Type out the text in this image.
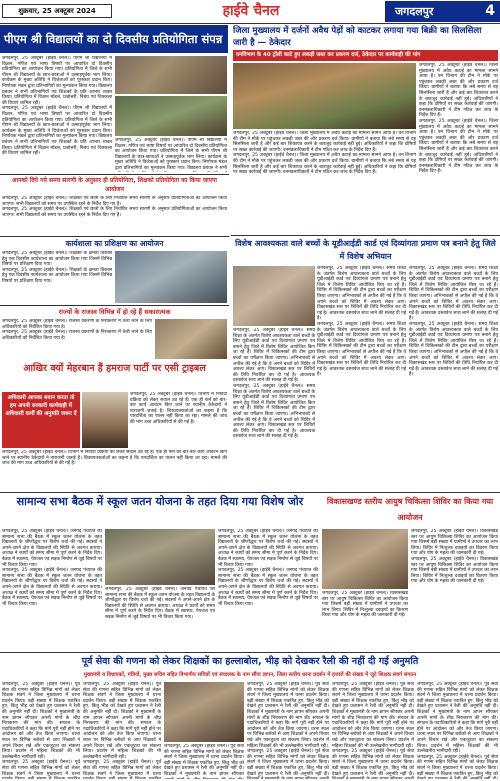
शुक्रवार, 25 अक्टूबर 2024	हाईवे चैनल	जगदलपुर	4
पीएम श्री विद्यालयों का दो दिवसीय प्रतियोगिता संपन्न
जगदलपुर, 25 अक्टूबर (हाईवे चैनल)। पीएम श्री विद्यालयों में विज्ञान, गणित एवं भाषा विषयों पर आधारित दो दिवसीय प्रतियोगिता का आयोजन किया गया। प्रतियोगिता में जिले के सभी पीएम श्री विद्यालयों के छात्र-छात्राओं ने उत्साहपूर्वक भाग लिया। कार्यक्रम के मुख्य अतिथि ने विजेताओं को पुरस्कार प्रदान किए। निर्णायक मंडल द्वारा प्रतिभागियों का मूल्यांकन किया गया। विद्यालय प्रबंधन ने सभी प्रतिभागियों एवं शिक्षकों के प्रति आभार व्यक्त किया। प्रतियोगिता में विज्ञान मॉडल, प्रश्नोत्तरी, निबंध एवं चित्रकला की विधाएं शामिल रहीं।
जगदलपुर, 25 अक्टूबर (हाईवे चैनल)। पीएम श्री विद्यालयों में विज्ञान, गणित एवं भाषा विषयों पर आधारित दो दिवसीय प्रतियोगिता का आयोजन किया गया। प्रतियोगिता में जिले के सभी पीएम श्री विद्यालयों के छात्र-छात्राओं ने उत्साहपूर्वक भाग लिया। कार्यक्रम के मुख्य अतिथि ने विजेताओं को पुरस्कार प्रदान किए। निर्णायक मंडल द्वारा प्रतिभागियों का मूल्यांकन किया गया। विद्यालय प्रबंधन ने सभी प्रतिभागियों एवं शिक्षकों के प्रति आभार व्यक्त किया। प्रतियोगिता में विज्ञान मॉडल, प्रश्नोत्तरी, निबंध एवं चित्रकला की विधाएं शामिल रहीं।
जगदलपुर, 25 अक्टूबर (हाईवे चैनल)। पीएम श्री विद्यालयों में विज्ञान, गणित एवं भाषा विषयों पर आधारित दो दिवसीय प्रतियोगिता का आयोजन किया गया। प्रतियोगिता में जिले के सभी पीएम श्री विद्यालयों के छात्र-छात्राओं ने उत्साहपूर्वक भाग लिया। कार्यक्रम के मुख्य अतिथि ने विजेताओं को पुरस्कार प्रदान किए। निर्णायक मंडल द्वारा प्रतिभागियों का मूल्यांकन किया गया। विद्यालय प्रबंधन ने सभी
आपको दिये गये समय सारणी के अनुसार ही प्रतियोगिता, शिक्षको प्रतियोगिता का किया जाएगा आयोजन
जगदलपुर, 25 अक्टूबर (हाईवे चैनल)। शिक्षकों एवं छात्रों के लिए निर्धारित समय सारणी के अनुसार प्रतियोगिताओं का आयोजन किया जाएगा। सभी विद्यालयों को समय पर उपस्थित रहने के निर्देश दिए गए हैं।
जगदलपुर, 25 अक्टूबर (हाईवे चैनल)। शिक्षकों एवं छात्रों के लिए निर्धारित समय सारणी के अनुसार प्रतियोगिताओं का आयोजन किया जाएगा। सभी विद्यालयों को समय पर उपस्थित रहने के निर्देश दिए गए हैं।
कार्यशाला का प्रशिक्षण का आयोजन
जगदलपुर, 25 अक्टूबर (हाईवे चैनल)। शिक्षकों के क्षमता विकास हेतु एक दिवसीय कार्यशाला का आयोजन किया गया जिसमें विभिन्न विषयों पर प्रशिक्षण दिया गया।
जगदलपुर, 25 अक्टूबर (हाईवे चैनल)। शिक्षकों के क्षमता विकास हेतु एक दिवसीय कार्यशाला का आयोजन किया गया जिसमें विभिन्न विषयों पर प्रशिक्षण दिया गया।
राज्यों के राजस्व विभिन्न में हो रहे हैं सकारात्मक
जगदलपुर, 25 अक्टूबर (हाईवे चैनल)। राजस्व प्रकरणों के निराकरण में तेजी लाने के लिए अधिकारियों को निर्देशित किया गया है।
जगदलपुर, 25 अक्टूबर (हाईवे चैनल)। राजस्व प्रकरणों के निराकरण में तेजी लाने के लिए अधिकारियों को निर्देशित किया गया है।
जिला मुख्यालय में दर्जनों अवैध पेड़ों को काटकर लगाया गया बिक्री का सिलसिला जारी है — ठेकेदार
वनविभाग के 40 ट्रॉली काटे हुए लकड़ी जब्त कर प्रकरण दर्ज, ठेकेदार पर कार्यवाही की मांग
जगदलपुर, 25 अक्टूबर (हाईवे चैनल)। जिला मुख्यालय में अवैध कटाई का मामला सामने आया है। वन विभाग की टीम ने मौके पर पहुंचकर लकड़ी जब्त की और प्रकरण दर्ज किया। ग्रामीणों ने बताया कि लंबे समय से यह सिलसिला जारी है और कई बार शिकायत करने के बावजूद कार्रवाई नहीं हुई। अधिकारियों ने कहा कि दोषियों पर सख्त कार्रवाई की जाएगी। वनमंडलाधिकारी ने टीम गठित कर जांच के निर्देश दिए हैं।
जगदलपुर, 25 अक्टूबर (हाईवे चैनल)। जिला मुख्यालय में अवैध कटाई का मामला सामने आया है। वन विभाग की टीम ने मौके पर पहुंचकर लकड़ी जब्त की और प्रकरण दर्ज किया। ग्रामीणों ने बताया कि लंबे समय से यह सिलसिला जारी है और कई बार शिकायत करने के बावजूद कार्रवाई नहीं हुई। अधिकारियों ने कहा कि दोषियों पर सख्त कार्रवाई की जाएगी। वनमंडलाधिकारी ने टीम गठित कर जांच के निर्देश दिए हैं।
जगदलपुर, 25 अक्टूबर (हाईवे चैनल)। जिला मुख्यालय में अवैध कटाई का मामला सामने आया है। वन विभाग की टीम ने मौके पर पहुंचकर लकड़ी जब्त की और प्रकरण दर्ज किया। ग्रामीणों ने बताया कि लंबे समय से यह सिलसिला जारी है और कई बार शिकायत करने के बावजूद कार्रवाई नहीं हुई। अधिकारियों ने कहा कि दोषियों पर सख्त कार्रवाई की जाएगी। वनमंडलाधिकारी ने टीम गठित कर जांच के निर्देश दिए हैं।
जगदलपुर, 25 अक्टूबर (हाईवे चैनल)। जिला मुख्यालय में अवैध कटाई का मामला सामने आया है। वन विभाग की टीम ने मौके पर पहुंचकर लकड़ी जब्त की और प्रकरण दर्ज किया। ग्रामीणों ने बताया कि लंबे समय से यह सिलसिला जारी है और कई बार शिकायत करने के बावजूद कार्रवाई नहीं हुई। अधिकारियों ने कहा कि दोषियों पर सख्त कार्रवाई की जाएगी। वनमंडलाधिकारी ने टीम गठित कर जांच के निर्देश दिए हैं।
आखिर क्यों मेहरबान हैं हमराज पार्टी पर एसी ट्राइबल
अधिकारी आपका बयान करता तो हम अपनी सरकारी कार्यवाही में अधिकारी कर्मी की अनुमति जरूर दें
जगदलपुर, 25 अक्टूबर (हाईवे चैनल)। विभाग में निविदा प्रक्रिया को लेकर सवाल उठ रहे हैं। एक ही फर्म को बार-बार कार्य आवंटन किए जाने पर स्थानीय ठेकेदारों ने नाराजगी जताई है। शिकायतकर्ताओं का कहना है कि पारदर्शिता का पालन नहीं किया जा रहा। मामले की जांच की मांग उच्च अधिकारियों से की गई है।
जगदलपुर, 25 अक्टूबर (हाईवे चैनल)। विभाग में निविदा प्रक्रिया को लेकर सवाल उठ रहे हैं। एक ही फर्म को बार-बार कार्य आवंटन किए जाने पर स्थानीय ठेकेदारों ने नाराजगी जताई है। शिकायतकर्ताओं का कहना है कि पारदर्शिता का पालन नहीं किया जा रहा। मामले की जांच की मांग उच्च अधिकारियों से की गई है।
विशेष आवश्यकता वाले बच्चों के यूडीआईडी कार्ड एवं दिव्यांगता प्रमाण पत्र बनाने हेतु जिले में विशेष अभियान
जगदलपुर, 25 अक्टूबर (हाईवे चैनल)। समग्र शिक्षा के अंतर्गत विशेष आवश्यकता वाले बच्चों के लिए यूडीआईडी कार्ड एवं दिव्यांगता प्रमाण पत्र बनाने हेतु जिले में विशेष शिविर आयोजित किए जा रहे हैं। शिविर में चिकित्सकों की टीम द्वारा बच्चों का परीक्षण किया जाएगा। अभिभावकों से अपील की गई है कि वे अपने बच्चों को शिविर में अवश्य लेकर आएं। विकासखंड स्तर पर शिविरों की तिथि निर्धारित कर दी गई है। आवश्यक दस्तावेज साथ लाने की सलाह दी गई है।
जगदलपुर, 25 अक्टूबर (हाईवे चैनल)। समग्र शिक्षा के अंतर्गत विशेष आवश्यकता वाले बच्चों के लिए यूडीआईडी कार्ड एवं दिव्यांगता प्रमाण पत्र बनाने हेतु जिले में विशेष शिविर आयोजित किए जा रहे हैं। शिविर में चिकित्सकों की टीम द्वारा बच्चों का परीक्षण किया जाएगा। अभिभावकों से अपील की गई है कि वे अपने बच्चों को शिविर में अवश्य लेकर आएं। विकासखंड स्तर पर शिविरों की तिथि निर्धारित कर दी गई है। आवश्यक दस्तावेज साथ लाने की सलाह दी गई है।
जगदलपुर, 25 अक्टूबर (हाईवे चैनल)। समग्र शिक्षा के अंतर्गत विशेष आवश्यकता वाले बच्चों के लिए यूडीआईडी कार्ड एवं दिव्यांगता प्रमाण पत्र बनाने हेतु जिले में विशेष शिविर आयोजित किए जा रहे हैं। शिविर में चिकित्सकों की टीम द्वारा बच्चों का परीक्षण किया जाएगा। अभिभावकों से अपील की गई है कि वे अपने बच्चों को शिविर में अवश्य लेकर आएं। विकासखंड स्तर पर शिविरों की तिथि निर्धारित कर दी गई है। आवश्यक दस्तावेज साथ लाने की सलाह दी गई है।
जगदलपुर, 25 अक्टूबर (हाईवे चैनल)। समग्र शिक्षा के अंतर्गत विशेष आवश्यकता वाले बच्चों के लिए यूडीआईडी कार्ड एवं दिव्यांगता प्रमाण पत्र बनाने हेतु जिले में विशेष शिविर आयोजित किए जा रहे हैं। शिविर में चिकित्सकों की टीम द्वारा बच्चों का परीक्षण किया जाएगा। अभिभावकों से अपील की गई है कि वे अपने बच्चों को शिविर में अवश्य लेकर आएं। विकासखंड स्तर पर शिविरों की तिथि निर्धारित कर दी गई है। आवश्यक दस्तावेज साथ लाने की सलाह दी गई है।
जगदलपुर, 25 अक्टूबर (हाईवे चैनल)। समग्र शिक्षा के अंतर्गत विशेष आवश्यकता वाले बच्चों के लिए यूडीआईडी कार्ड एवं दिव्यांगता प्रमाण पत्र बनाने हेतु जिले में विशेष शिविर आयोजित किए जा रहे हैं। शिविर में चिकित्सकों की टीम द्वारा बच्चों का परीक्षण किया जाएगा। अभिभावकों से अपील की गई है कि वे अपने बच्चों को शिविर में अवश्य लेकर आएं। विकासखंड स्तर पर शिविरों की तिथि निर्धारित कर दी गई है। आवश्यक दस्तावेज साथ लाने की सलाह दी गई है।
जगदलपुर, 25 अक्टूबर (हाईवे चैनल)। समग्र शिक्षा के अंतर्गत विशेष आवश्यकता वाले बच्चों के लिए यूडीआईडी कार्ड एवं दिव्यांगता प्रमाण पत्र बनाने हेतु जिले में विशेष शिविर आयोजित किए जा रहे हैं। शिविर में चिकित्सकों की टीम द्वारा बच्चों का परीक्षण किया जाएगा। अभिभावकों से अपील की गई है कि वे अपने बच्चों को शिविर में अवश्य लेकर आएं। विकासखंड स्तर पर शिविरों की तिथि निर्धारित कर दी गई है। आवश्यक दस्तावेज साथ लाने की सलाह दी गई है।
सामान्य सभा बैठक में स्कूल जतन योजना के तहत दिया गया विशेष जोर
जगदलपुर, 25 अक्टूबर (हाईवे चैनल)। जनपद पंचायत की सामान्य सभा की बैठक में स्कूल जतन योजना के तहत विद्यालयों के जीर्णोद्धार पर विशेष चर्चा की गई। सदस्यों ने अपने-अपने क्षेत्र के विद्यालयों की स्थिति से अवगत कराया। अध्यक्ष ने कार्यों को समय सीमा में पूर्ण करने के निर्देश दिए। बैठक में स्वास्थ्य, पेयजल एवं सड़क निर्माण से जुड़े विषयों पर भी विचार किया गया।
जगदलपुर, 25 अक्टूबर (हाईवे चैनल)। जनपद पंचायत की सामान्य सभा की बैठक में स्कूल जतन योजना के तहत विद्यालयों के जीर्णोद्धार पर विशेष चर्चा की गई। सदस्यों ने अपने-अपने क्षेत्र के विद्यालयों की स्थिति से अवगत कराया। अध्यक्ष ने कार्यों को समय सीमा में पूर्ण करने के निर्देश दिए। बैठक में स्वास्थ्य, पेयजल एवं सड़क निर्माण से जुड़े विषयों पर भी विचार किया गया।
जगदलपुर, 25 अक्टूबर (हाईवे चैनल)। जनपद पंचायत की सामान्य सभा की बैठक में स्कूल जतन योजना के तहत विद्यालयों के जीर्णोद्धार पर विशेष चर्चा की गई। सदस्यों ने अपने-अपने क्षेत्र के विद्यालयों की स्थिति से अवगत कराया। अध्यक्ष ने कार्यों को समय सीमा में पूर्ण करने के निर्देश दिए। बैठक में स्वास्थ्य, पेयजल एवं सड़क निर्माण से जुड़े विषयों पर भी विचार किया गया।
जगदलपुर, 25 अक्टूबर (हाईवे चैनल)। जनपद पंचायत की सामान्य सभा की बैठक में स्कूल जतन योजना के तहत विद्यालयों के जीर्णोद्धार पर विशेष चर्चा की गई। सदस्यों ने अपने-अपने क्षेत्र के विद्यालयों की स्थिति से अवगत कराया। अध्यक्ष ने कार्यों को समय सीमा में पूर्ण करने के निर्देश दिए। बैठक में स्वास्थ्य, पेयजल एवं सड़क निर्माण से जुड़े विषयों पर भी विचार किया गया।
जगदलपुर, 25 अक्टूबर (हाईवे चैनल)। जनपद पंचायत की सामान्य सभा की बैठक में स्कूल जतन योजना के तहत विद्यालयों के जीर्णोद्धार पर विशेष चर्चा की गई। सदस्यों ने अपने-अपने क्षेत्र के विद्यालयों की स्थिति से अवगत कराया। अध्यक्ष ने कार्यों को समय सीमा में पूर्ण करने के निर्देश दिए। बैठक में स्वास्थ्य, पेयजल एवं सड़क निर्माण से जुड़े विषयों पर भी विचार किया गया।
विकासखण्ड स्तरीय आयुष चिकित्सा शिविर का किया गया आयोजन
जगदलपुर, 25 अक्टूबर (हाईवे चैनल)। विकासखंड स्तर पर आयुष चिकित्सा शिविर का आयोजन किया गया जिसमें बड़ी संख्या में ग्रामीणों ने उपचार का लाभ लिया। शिविर में निःशुल्क दवाइयों का वितरण किया गया और योग के महत्व की जानकारी दी गई।
जगदलपुर, 25 अक्टूबर (हाईवे चैनल)। विकासखंड स्तर पर आयुष चिकित्सा शिविर का आयोजन किया गया जिसमें बड़ी संख्या में ग्रामीणों ने उपचार का लाभ लिया। शिविर में निःशुल्क दवाइयों का वितरण किया गया और योग के महत्व की जानकारी दी गई।
जगदलपुर, 25 अक्टूबर (हाईवे चैनल)। विकासखंड स्तर पर आयुष चिकित्सा शिविर का आयोजन किया गया जिसमें बड़ी संख्या में ग्रामीणों ने उपचार का लाभ लिया। शिविर में निःशुल्क दवाइयों का वितरण किया गया और योग के महत्व की जानकारी दी गई।
पूर्व सेवा की गणना को लेकर शिक्षकों का हल्लाबोल, भीड़ को देखकर रैली की नहीं दी गई अनुमति
मुख्यमंत्री व विधायकों, मंत्रियों, मुख्य सचिव सहित विभागीय सचिवों एवं संचालक के नाम सौंपा ज्ञापन, जिला स्तरीय धरना प्रदर्शन में हजारों की संख्या में जुटे शिक्षक संवर्ग संगठन
जगदलपुर, 25 अक्टूबर (हाईवे चैनल)। पूर्व सेवा की गणना सहित विभिन्न मांगों को लेकर शिक्षक संवर्ग ने जिला मुख्यालय में धरना प्रदर्शन किया। बड़ी संख्या में शिक्षक एकत्रित हुए, किंतु भीड़ को देखते हुए प्रशासन ने रैली की अनुमति नहीं दी। शिक्षकों ने मुख्यमंत्री के नाम ज्ञापन सौंपकर अपनी मांगों के शीघ्र निराकरण की मांग की। संगठन के पदाधिकारियों ने कहा कि मांगें पूरी नहीं होने पर आंदोलन को और तेज किया जाएगा। धरना स्थल पर विभिन्न ब्लॉकों से आए शिक्षकों ने अपने विचार रखे और एकजुटता का संकल्प लिया। प्रदर्शन में महिला शिक्षकों की भी उल्लेखनीय भागीदारी रही।
जगदलपुर, 25 अक्टूबर (हाईवे चैनल)। पूर्व सेवा की गणना सहित विभिन्न मांगों को लेकर शिक्षक संवर्ग ने जिला मुख्यालय में धरना
जगदलपुर, 25 अक्टूबर (हाईवे चैनल)। पूर्व सेवा की गणना सहित विभिन्न मांगों को लेकर शिक्षक संवर्ग ने जिला मुख्यालय में धरना प्रदर्शन किया। बड़ी संख्या में शिक्षक एकत्रित हुए, किंतु भीड़ को देखते हुए प्रशासन ने रैली की अनुमति नहीं दी। शिक्षकों ने मुख्यमंत्री के नाम ज्ञापन सौंपकर अपनी मांगों के शीघ्र निराकरण की मांग की। संगठन के पदाधिकारियों ने कहा कि मांगें पूरी नहीं होने पर आंदोलन को और तेज किया जाएगा। धरना स्थल पर विभिन्न ब्लॉकों से आए शिक्षकों ने अपने विचार रखे और एकजुटता का संकल्प लिया। प्रदर्शन में महिला शिक्षकों की भी उल्लेखनीय भागीदारी रही।
जगदलपुर, 25 अक्टूबर (हाईवे चैनल)। पूर्व सेवा की गणना सहित विभिन्न मांगों को लेकर शिक्षक संवर्ग ने जिला मुख्यालय में धरना
जगदलपुर, 25 अक्टूबर (हाईवे चैनल)। पूर्व सेवा की गणना सहित विभिन्न मांगों को लेकर शिक्षक संवर्ग ने जिला मुख्यालय में धरना प्रदर्शन किया। बड़ी संख्या में शिक्षक एकत्रित हुए, किंतु भीड़ को देखते हुए प्रशासन ने रैली की अनुमति नहीं दी। शिक्षकों ने मुख्यमंत्री के नाम ज्ञापन सौंपकर
जगदलपुर, 25 अक्टूबर (हाईवे चैनल)। पूर्व सेवा की गणना सहित विभिन्न मांगों को लेकर शिक्षक संवर्ग ने जिला मुख्यालय में धरना प्रदर्शन किया। बड़ी संख्या में शिक्षक एकत्रित हुए, किंतु भीड़ को देखते हुए प्रशासन ने रैली की अनुमति नहीं दी। शिक्षकों ने मुख्यमंत्री के नाम ज्ञापन सौंपकर अपनी मांगों के शीघ्र निराकरण की मांग की। संगठन के पदाधिकारियों ने कहा कि मांगें पूरी नहीं होने पर आंदोलन को और तेज किया जाएगा। धरना स्थल पर विभिन्न ब्लॉकों से आए शिक्षकों ने अपने विचार रखे और एकजुटता का संकल्प लिया। प्रदर्शन में महिला शिक्षकों की भी उल्लेखनीय भागीदारी रही।
जगदलपुर, 25 अक्टूबर (हाईवे चैनल)। पूर्व सेवा की गणना सहित विभिन्न मांगों को लेकर शिक्षक संवर्ग ने जिला मुख्यालय में धरना प्रदर्शन किया। बड़ी संख्या में शिक्षक एकत्रित हुए, किंतु भीड़ को देखते हुए प्रशासन ने रैली की अनुमति नहीं दी।
जगदलपुर, 25 अक्टूबर (हाईवे चैनल)। पूर्व सेवा की गणना सहित विभिन्न मांगों को लेकर शिक्षक संवर्ग ने जिला मुख्यालय में धरना प्रदर्शन किया। बड़ी संख्या में शिक्षक एकत्रित हुए, किंतु भीड़ को देखते हुए प्रशासन ने रैली की अनुमति नहीं दी। शिक्षकों ने मुख्यमंत्री के नाम ज्ञापन सौंपकर अपनी मांगों के शीघ्र निराकरण की मांग की। संगठन के पदाधिकारियों ने कहा कि मांगें पूरी नहीं होने पर आंदोलन को और तेज किया जाएगा। धरना स्थल पर विभिन्न ब्लॉकों से आए शिक्षकों ने अपने विचार रखे और एकजुटता का संकल्प लिया। प्रदर्शन में महिला शिक्षकों की भी उल्लेखनीय भागीदारी रही।
जगदलपुर, 25 अक्टूबर (हाईवे चैनल)। पूर्व सेवा की गणना सहित विभिन्न मांगों को लेकर शिक्षक संवर्ग ने जिला मुख्यालय में धरना प्रदर्शन किया। बड़ी संख्या में शिक्षक एकत्रित हुए, किंतु भीड़ को देखते हुए प्रशासन ने रैली की अनुमति नहीं दी।
जगदलपुर, 25 अक्टूबर (हाईवे चैनल)। पूर्व सेवा की गणना सहित विभिन्न मांगों को लेकर शिक्षक संवर्ग ने जिला मुख्यालय में धरना प्रदर्शन किया। बड़ी संख्या में शिक्षक एकत्रित हुए, किंतु भीड़ को देखते हुए प्रशासन ने रैली की अनुमति नहीं दी। शिक्षकों ने मुख्यमंत्री के नाम ज्ञापन सौंपकर अपनी मांगों के शीघ्र निराकरण की मांग की। संगठन के पदाधिकारियों ने कहा कि मांगें पूरी नहीं होने पर आंदोलन को और तेज किया जाएगा। धरना स्थल पर विभिन्न ब्लॉकों से आए शिक्षकों ने अपने विचार रखे और एकजुटता का संकल्प लिया। प्रदर्शन में महिला शिक्षकों की भी उल्लेखनीय भागीदारी रही।
जगदलपुर, 25 अक्टूबर (हाईवे चैनल)। पूर्व सेवा की गणना सहित विभिन्न मांगों को लेकर शिक्षक संवर्ग ने जिला मुख्यालय में धरना प्रदर्शन किया। बड़ी संख्या में शिक्षक एकत्रित हुए, किंतु भीड़ को
